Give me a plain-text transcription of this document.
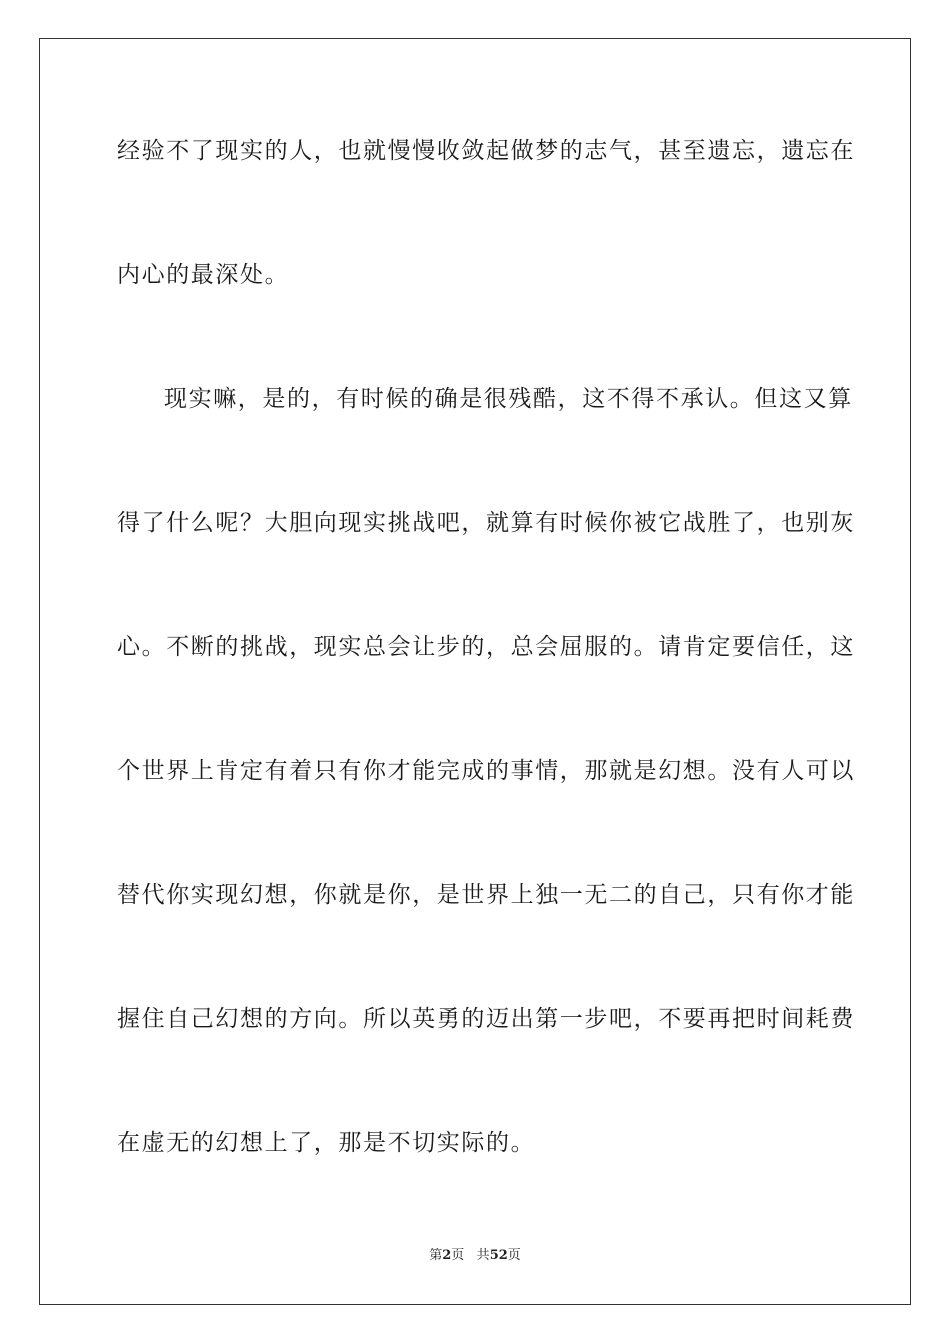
经验不了现实的人，也就慢慢收敛起做梦的志气，甚至遗忘，遗忘在
内心的最深处。
现实嘛，是的，有时候的确是很残酷，这不得不承认。但这又算
得了什么呢？大胆向现实挑战吧，就算有时候你被它战胜了，也别灰
心。不断的挑战，现实总会让步的，总会屈服的。请肯定要信任，这
个世界上肯定有着只有你才能完成的事情，那就是幻想。没有人可以
替代你实现幻想，你就是你，是世界上独一无二的自己，只有你才能
握住自己幻想的方向。所以英勇的迈出第一步吧，不要再把时间耗费
在虚无的幻想上了，那是不切实际的。
第2页 共52页
